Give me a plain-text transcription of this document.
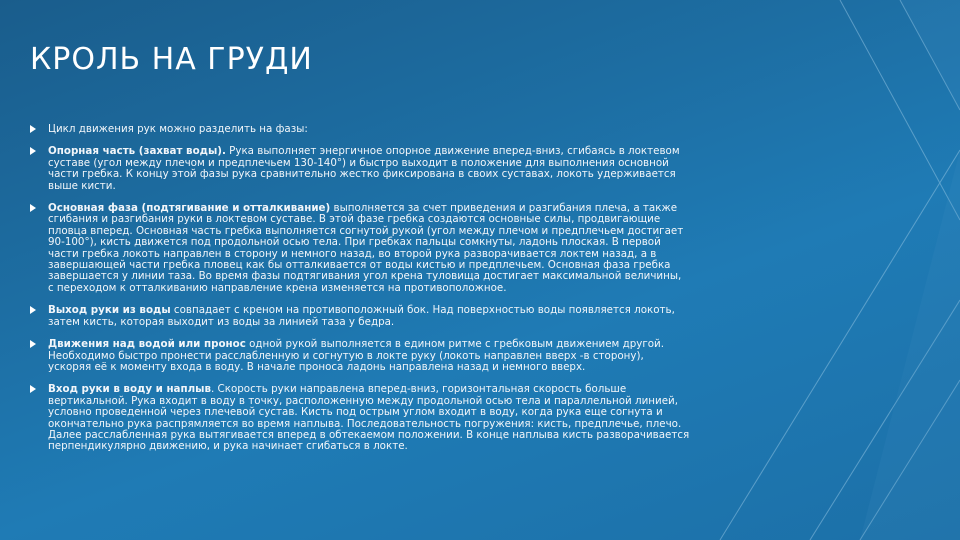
КРОЛЬ НА ГРУДИ
Цикл движения рук можно разделить на фазы:
Опорная часть (захват воды). Рука выполняет энергичное опорное движение вперед-вниз, сгибаясь в локтевом суставе (угол между плечом и предплечьем 130-140°) и быстро выходит в положение для выполнения основной части гребка. К концу этой фазы рука сравнительно жестко фиксирована в своих суставах, локоть удерживается выше кисти.
Основная фаза (подтягивание и отталкивание) выполняется за счет приведения и разгибания плеча, а также сгибания и разгибания руки в локтевом суставе. В этой фазе гребка создаются основные силы, продвигающие пловца вперед. Основная часть гребка выполняется согнутой рукой (угол между плечом и предплечьем достигает 90-100°), кисть движется под продольной осью тела. При гребках пальцы сомкнуты, ладонь плоская. В первой части гребка локоть направлен в сторону и немного назад, во второй рука разворачивается локтем назад, а в завершающей части гребка пловец как бы отталкивается от воды кистью и предплечьем. Основная фаза гребка завершается у линии таза. Во время фазы подтягивания угол крена туловища достигает максимальной величины, с переходом к отталкиванию направление крена изменяется на противоположное.
Выход руки из воды совпадает с креном на противоположный бок. Над поверхностью воды появляется локоть, затем кисть, которая выходит из воды за линией таза у бедра.
Движения над водой или пронос одной рукой выполняется в едином ритме с гребковым движением другой. Необходимо быстро пронести расслабленную и согнутую в локте руку (локоть направлен вверх -в сторону), ускоряя её к моменту входа в воду. В начале проноса ладонь направлена назад и немного вверх.
Вход руки в воду и наплыв. Скорость руки направлена вперед-вниз, горизонтальная скорость больше вертикальной. Рука входит в воду в точку, расположенную между продольной осью тела и параллельной линией, условно проведенной через плечевой сустав. Кисть под острым углом входит в воду, когда рука еще согнута и окончательно рука распрямляется во время наплыва. Последовательность погружения: кисть, предплечье, плечо. Далее расслабленная рука вытягивается вперед в обтекаемом положении. В конце наплыва кисть разворачивается перпендикулярно движению, и рука начинает сгибаться в локте.
